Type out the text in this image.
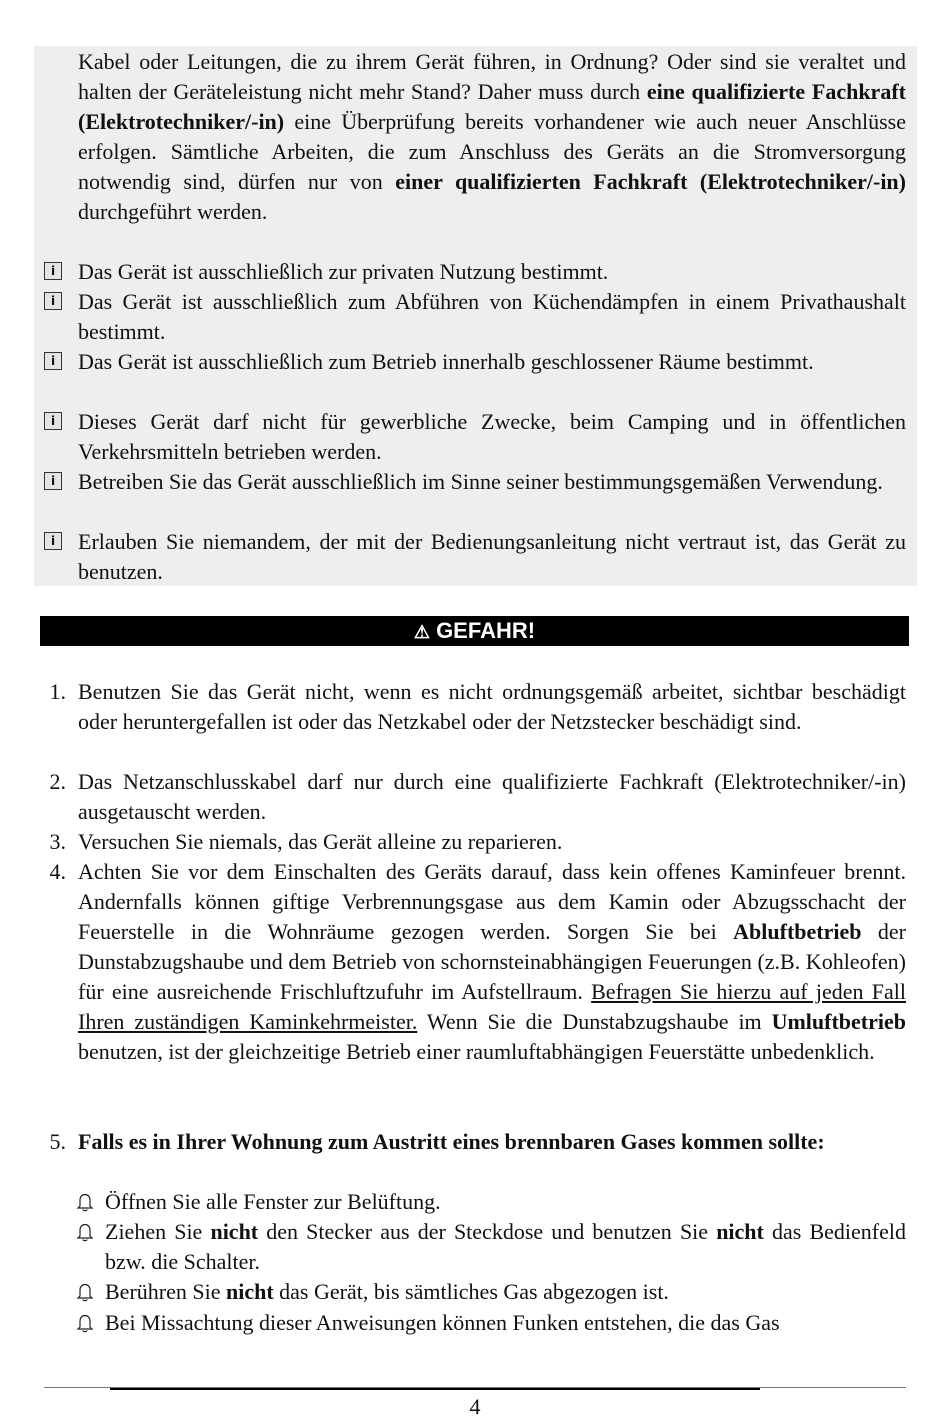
Kabel oder Leitungen, die zu ihrem Gerät führen, in Ordnung? Oder sind sie veraltet und halten der Geräteleistung nicht mehr Stand? Daher muss durch eine qualifizierte Fachkraft (Elektrotechniker/-in) eine Überprüfung bereits vorhandener wie auch neuer Anschlüsse erfolgen. Sämtliche Arbeiten, die zum Anschluss des Geräts an die Stromversorgung notwendig sind, dürfen nur von einer qualifizierten Fachkraft (Elektrotechniker/-in) durchgeführt werden.

i	Das Gerät ist ausschließlich zur privaten Nutzung bestimmt.
i	Das Gerät ist ausschließlich zum Abführen von Küchendämpfen in einem Privathaushalt bestimmt.
i	Das Gerät ist ausschließlich zum Betrieb innerhalb geschlossener Räume bestimmt.
i	Dieses Gerät darf nicht für gewerbliche Zwecke, beim Camping und in öffentlichen Verkehrsmitteln betrieben werden.
i	Betreiben Sie das Gerät ausschließlich im Sinne seiner bestimmungsgemäßen Verwendung.
i	Erlauben Sie niemandem, der mit der Bedienungsanleitung nicht vertraut ist, das Gerät zu benutzen.
⚠ GEFAHR!
1. Benutzen Sie das Gerät nicht, wenn es nicht ordnungsgemäß arbeitet, sichtbar beschädigt oder heruntergefallen ist oder das Netzkabel oder der Netzstecker beschädigt sind.
2. Das Netzanschlusskabel darf nur durch eine qualifizierte Fachkraft (Elektrotechniker/-in) ausgetauscht werden.
3. Versuchen Sie niemals, das Gerät alleine zu reparieren.
4. Achten Sie vor dem Einschalten des Geräts darauf, dass kein offenes Kaminfeuer brennt. Andernfalls können giftige Verbrennungsgase aus dem Kamin oder Abzugsschacht der Feuerstelle in die Wohnräume gezogen werden. Sorgen Sie bei Abluftbetrieb der Dunstabzugshaube und dem Betrieb von schornsteinabhängigen Feuerungen (z.B. Kohleofen) für eine ausreichende Frischluftzufuhr im Aufstellraum. Befragen Sie hierzu auf jeden Fall Ihren zuständigen Kaminkehrmeister. Wenn Sie die Dunstabzugshaube im Umluftbetrieb benutzen, ist der gleichzeitige Betrieb einer raumluftabhängigen Feuerstätte unbedenklich.
5. Falls es in Ihrer Wohnung zum Austritt eines brennbaren Gases kommen sollte:
Öffnen Sie alle Fenster zur Belüftung.
Ziehen Sie nicht den Stecker aus der Steckdose und benutzen Sie nicht das Bedienfeld bzw. die Schalter.
Berühren Sie nicht das Gerät, bis sämtliches Gas abgezogen ist.
Bei Missachtung dieser Anweisungen können Funken entstehen, die das Gas
4
